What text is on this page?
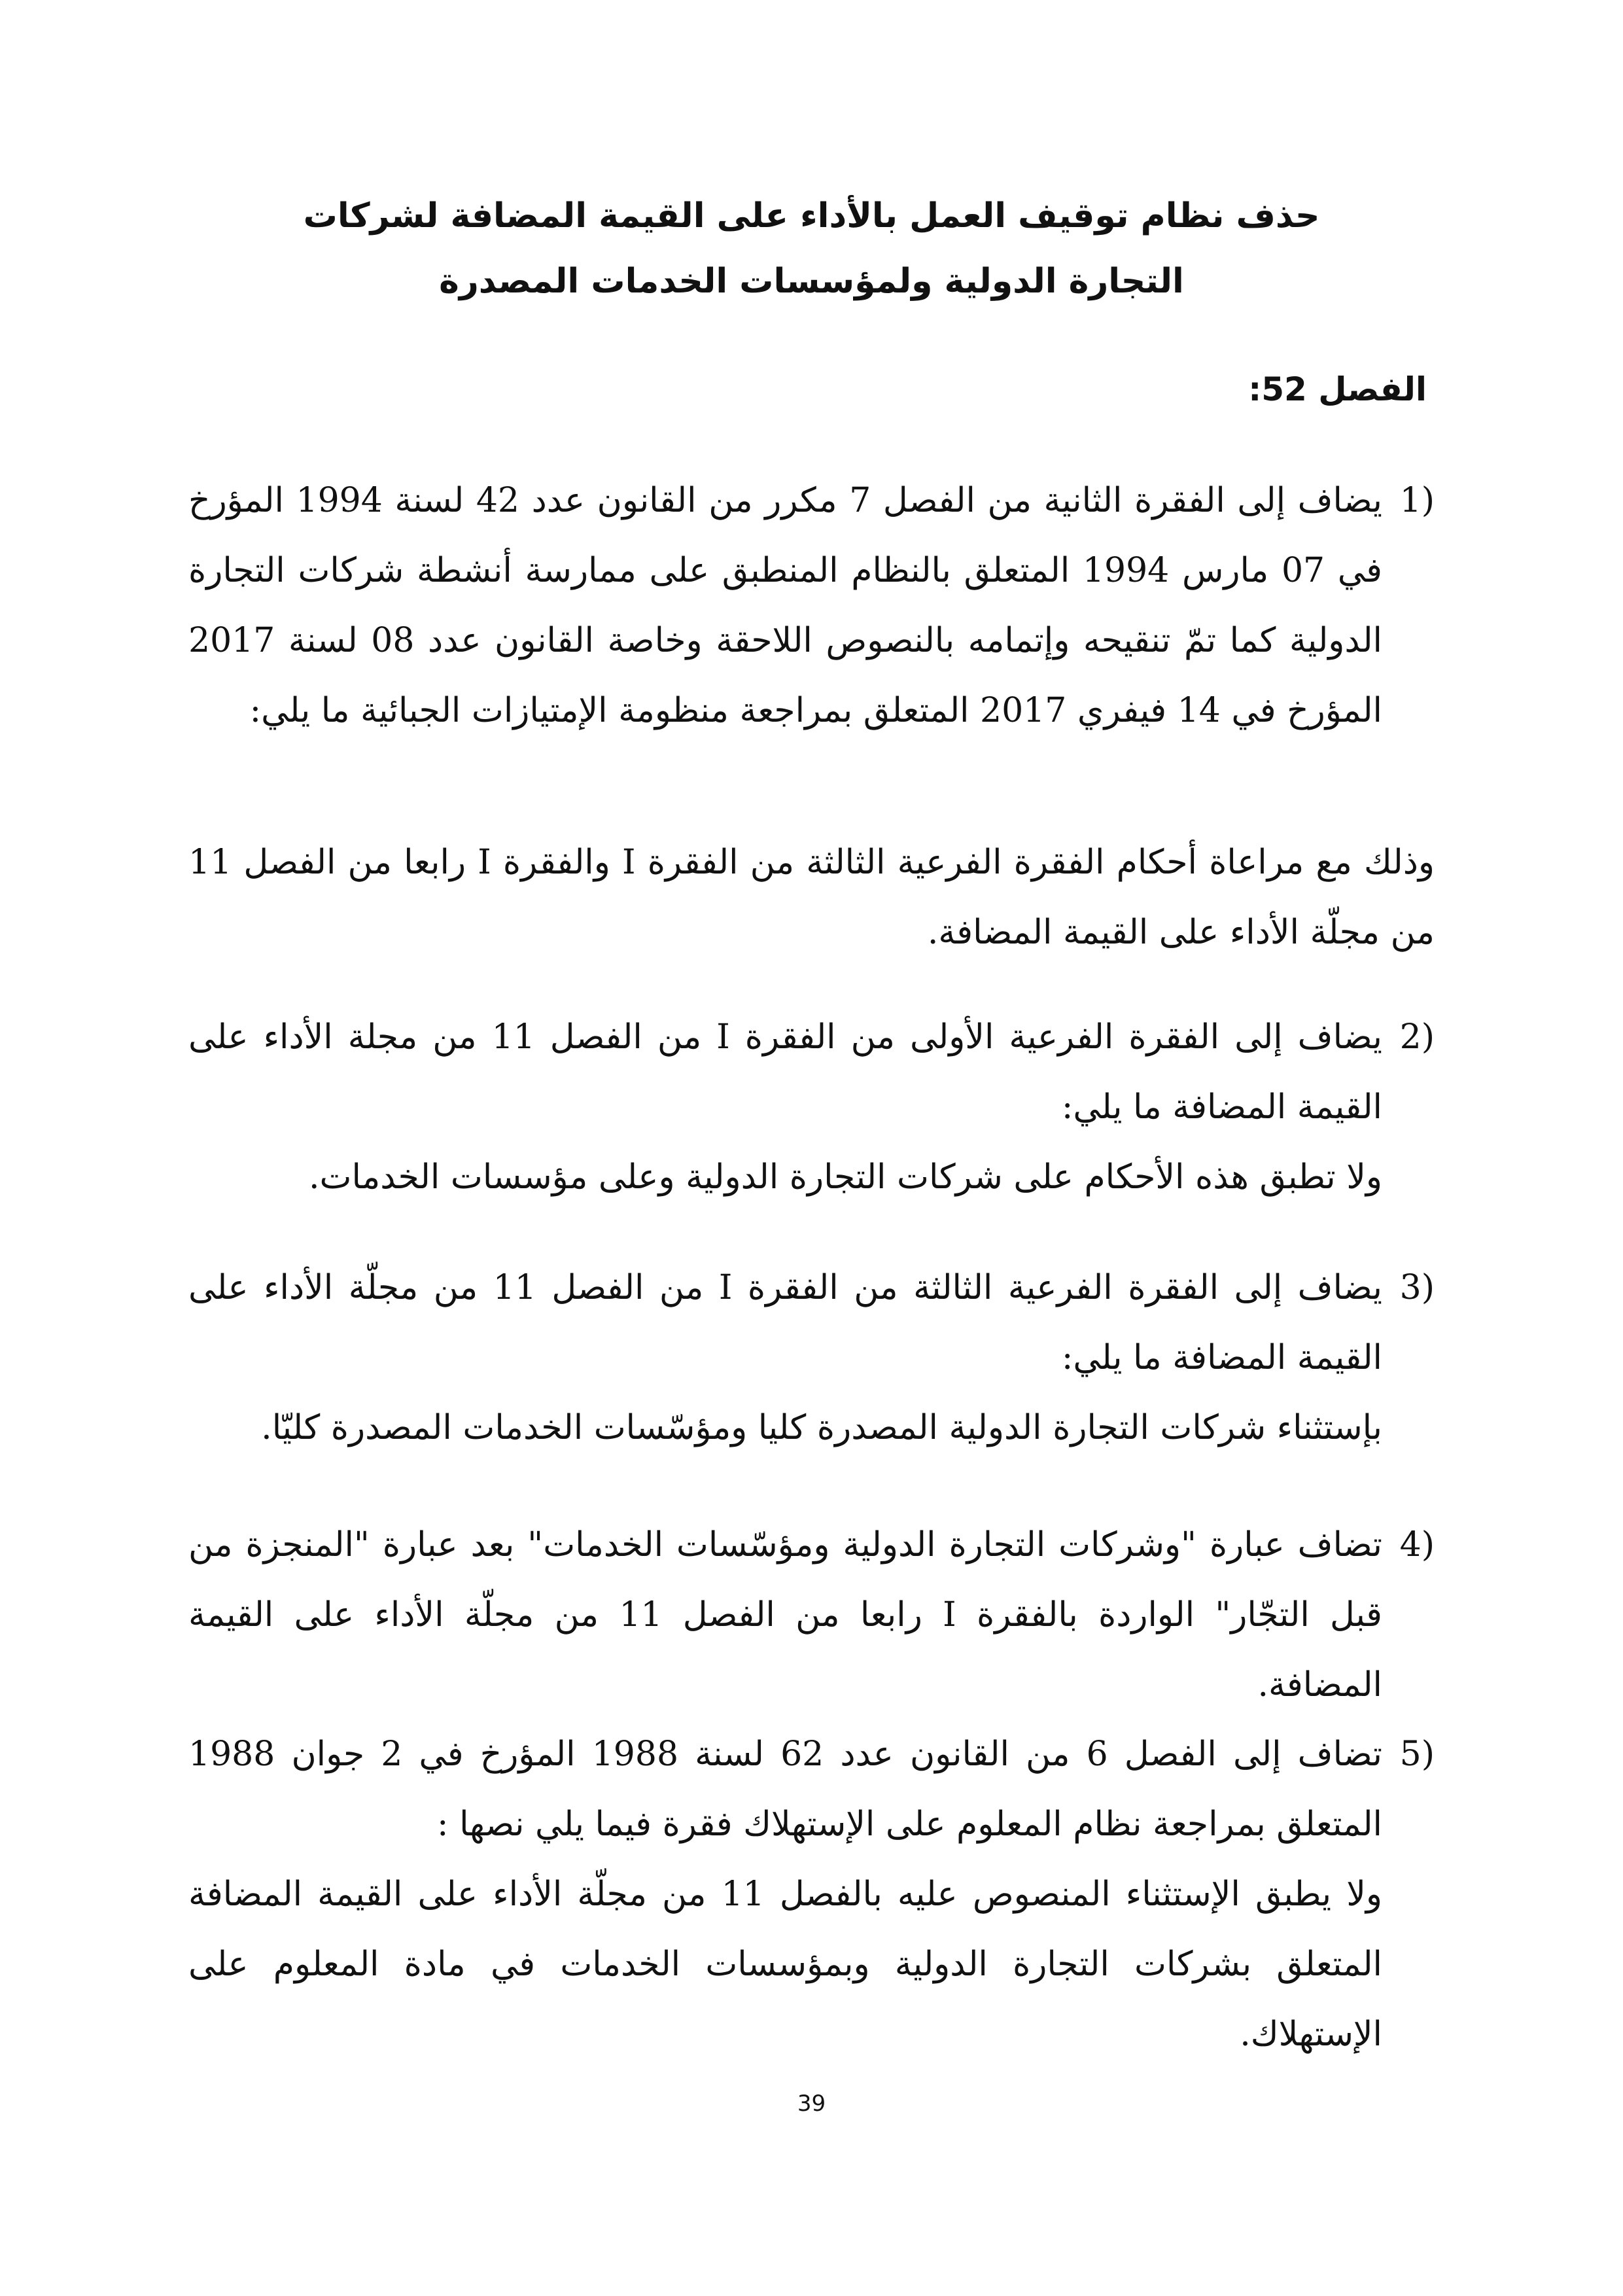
حذف نظام توقيف العمل بالأداء على القيمة المضافة لشركات
التجارة الدولية ولمؤسسات الخدمات المصدرة
الفصل 52:
1)

يضاف إلى الفقرة الثانية من الفصل 7 مكرر من القانون عدد 42 لسنة 1994 المؤرخ في 07 مارس 1994 المتعلق بالنظام المنطبق على ممارسة أنشطة شركات التجارة الدولية كما تمّ تنقيحه وإتمامه بالنصوص اللاحقة وخاصة القانون عدد 08 لسنة 2017 المؤرخ في 14 فيفري 2017 المتعلق بمراجعة منظومة الإمتيازات الجبائية ما يلي:

وذلك مع مراعاة أحكام الفقرة الفرعية الثالثة من الفقرة I والفقرة I رابعا من الفصل 11 من مجلّة الأداء على القيمة المضافة.
2)

يضاف إلى الفقرة الفرعية الأولى من الفقرة I من الفصل 11 من مجلة الأداء على القيمة المضافة ما يلي:

ولا تطبق هذه الأحكام على شركات التجارة الدولية وعلى مؤسسات الخدمات.

3)

يضاف إلى الفقرة الفرعية الثالثة من الفقرة I من الفصل 11 من مجلّة الأداء على القيمة المضافة ما يلي:

بإستثناء شركات التجارة الدولية المصدرة كليا ومؤسّسات الخدمات المصدرة كليّا.

4)

تضاف عبارة "وشركات التجارة الدولية ومؤسّسات الخدمات" بعد عبارة "المنجزة من قبل التجّار" الواردة بالفقرة I رابعا من الفصل 11 من مجلّة الأداء على القيمة المضافة.

5)

تضاف إلى الفصل 6 من القانون عدد 62 لسنة 1988 المؤرخ في 2 جوان 1988 المتعلق بمراجعة نظام المعلوم على الإستهلاك فقرة فيما يلي نصها :

ولا يطبق الإستثناء المنصوص عليه بالفصل 11 من مجلّة الأداء على القيمة المضافة المتعلق بشركات التجارة الدولية وبمؤسسات الخدمات في مادة المعلوم على الإستهلاك.

39
